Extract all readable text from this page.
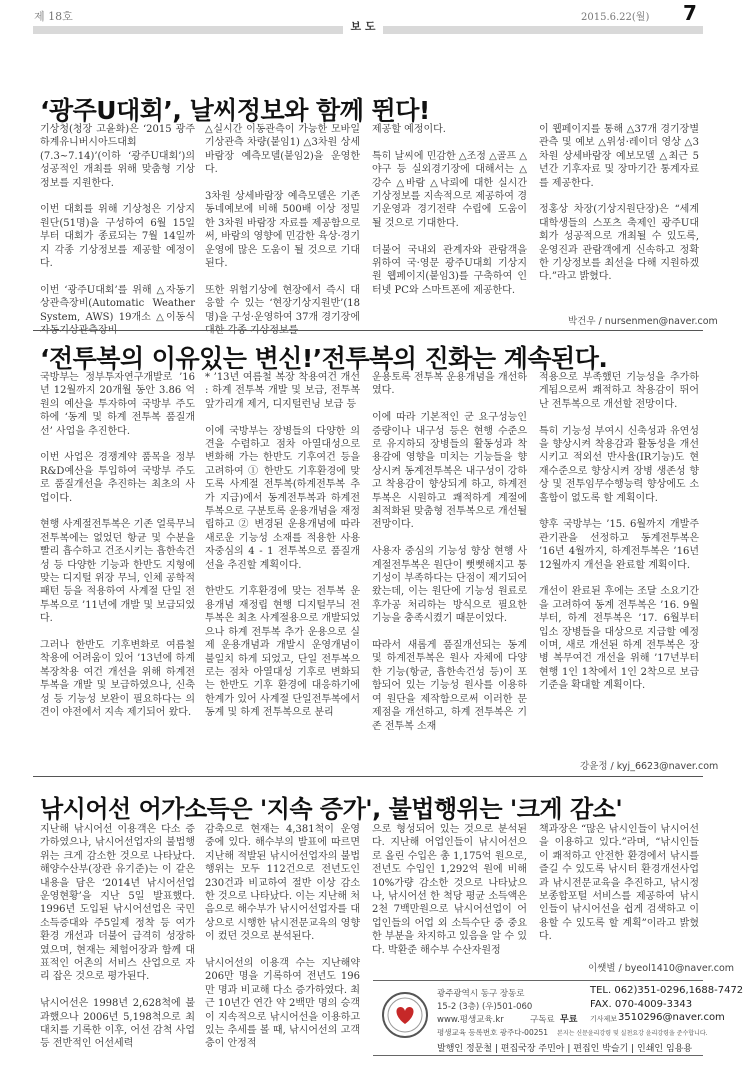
제 18호
보 도
2015.6.22(월) 7
‘광주U대회’, 날씨정보와 함께 뛴다!

기상청(청장 고윤화)은 ‘2015 광주하계유니버시아드대회(7.3~7.14)’(이하 ‘광주U대회’)의 성공적인 개최를 위해 맞춤형 기상정보를 지원한다.

이번 대회를 위해 기상청은 기상지원단(51명)을 구성하여 6월 15일부터 대회가 종료되는 7월 14일까지 각종 기상정보를 제공할 예정이다.

이번 ‘광주U대회’를 위해 △자동기상관측장비(Automatic Weather System, AWS) 19개소 △이동식

△실시간 이동관측이 가능한 모바일 기상관측 차량(붙임1) △3차원 상세바람장 예측모델(붙임2)을 운영한다.

3차원 상세바람장 예측모델은 기존 동네예보에 비해 500배 이상 정밀한 3차원 바람장 자료를 제공함으로써, 바람의 영향에 민감한 육상·경기운영에 많은 도움이 될 것으로 기대된다.

또한 위험기상에 현장에서 즉시 대응할 수 있는 ‘현장기상지원반’(18명)을 구성·운영하여 37개 경기장에

제공할 예정이다.

특히 날씨에 민감한 △조정 △골프 △야구 등 실외경기장에 대해서는 △강수 △바람 △낙뢰에 대한 실시간 기상정보를 지속적으로 제공하여 경기운영과 경기전략 수립에 도움이 될 것으로 기대한다.

더불어 국내외 관계자와 관람객을 위하여 국·영문 광주U대회 기상지원 웹페이지(붙임3)를 구축하여 인터넷 PC와 스마트폰에 제공한다.

이 웹페이지를 통해 △37개 경기장별 관측 및 예보 △위성·레이더 영상 △3차원 상세바람장 예보모델 △최근 5년간 기후자료 및 장마기간 통계자료를 제공한다.

정홍상 차장(기상지원단장)은 “세계 대학생들의 스포츠 축제인 광주U대회가 성공적으로 개최될 수 있도록, 운영진과 관람객에게 신속하고 정확한 기상정보를 최선을 다해 지원하겠다.”라고 밝혔다.

박건우 / nursenmen@naver.com
‘전투복의 이유있는 변신!’전투복의 진화는 계속된다.

국방부는 정부투자연구개발로 ’16년 12월까지 20개월 동안 3.86 억원의 예산을 투자하여 국방부 주도하에 ‘동계 및 하계 전투복 품질개선’ 사업을 추진한다.

이번 사업은 경쟁계약 품목을 정부 R&D예산을 투입하여 국방부 주도로 품질개선을 추진하는 최초의 사업이다.

현행 사계절전투복은 기존 얼룩무늬 전투복에는 없었던 항균 및 수분을 빨리 흡수하고 건조시키는 흡한속건성 등 다양한 기능과 한반도 지형에 맞는 디지털 위장 무늬, 인체 공학적 패턴 등을 적용하여 사계절 단일 전투복으로 ’11년에 개발 및 보급되었다.

그러나 한반도 기후변화로 여름철 착용에 어려움이 있어 ’13년에 하계 복장착용 여건 개선을 위해 하계전투복을 개발 및 보급하였으나, 신축성 등 기능성 보완이 필요하다는 의견이 야전에서 지속 제기되어 왔다.

* ’13년 여름철 복장 착용여건 개선 : 하계 전투복 개발 및 보급, 전투복 앞가리개 제거, 디지털런닝 보급 등

이에 국방부는 장병들의 다양한 의견을 수렴하고 점차 아열대성으로 변화해 가는 한반도 기후여건 등을 고려하여 ① 한반도 기후환경에 맞도록 사계절 전투복(하계전투복 추가 지급)에서 동계전투복과 하계전투복으로 구분토록 운용개념을 재정립하고 ② 변경된 운용개념에 따라 새로운 기능성 소재를 적용한 사용자중심의 4 - 1 전투복으로 품질개선을 추진할 계획이다.

한반도 기후환경에 맞는 전투복 운용개념 재정립 현행 디지털무늬 전투복은 최초 사계절용으로 개발되었으나 하계 전투복 추가 운용으로 실제 운용개념과 개발시 운영개념이 불일치 하게 되었고, 단일 전투복으로는 점차 아열대성 기후로 변화되는 한반도 기후 환경에 대응하기에 한계가 있어 사계절 단일전투복에서 동계 및 하계 전투복으로 분리

운용토록 전투복 운용개념을 개선하였다.

이에 따라 기본적인 군 요구성능인 증량이나 내구성 등은 현행 수준으로 유지하되 장병들의 활동성과 착용감에 영향을 미치는 기능들을 향상시켜 동계전투복은 내구성이 강하고 착용감이 향상되게 하고, 하계전투복은 시원하고 쾌적하게 계절에 최적화된 맞춤형 전투복으로 개선될 전망이다.

사용자 중심의 기능성 향상 현행 사계절전투복은 원단이 뻣뻣해지고 통기성이 부족하다는 단점이 제기되어 왔는데, 이는 원단에 기능성 원료로 후가공 처리하는 방식으로 필요한 기능을 충족시켰기 때문이었다.

따라서 새롭게 품질개선되는 동계 및 하계전투복은 원사 자체에 다양한 기능(항균, 흡한속건성 등)이 포함되어 있는 기능성 원사를 이용하여 원단을 제작함으로써 이러한 문제점을 개선하고, 하계 전투복은 기존 전투복 소재

적용으로 부족했던 기능성을 추가하게됨으로써 쾌적하고 착용감이 뛰어난 전투복으로 개선할 전망이다.

특히 기능성 부여시 신축성과 유연성을 향상시켜 착용감과 활동성을 개선시키고 적외선 반사율(IR기능)도 현재수준으로 향상시켜 장병 생존성 향상 및 전투임무수행능력 향상에도 소홀함이 없도록 할 계획이다.

향후 국방부는 ’15. 6월까지 개발주관기관을 선정하고 동계전투복은 ’16년 4월까지, 하계전투복은 ’16년 12월까지 개선을 완료할 계획이다.

개선이 완료된 후에는 조달 소요기간을 고려하여 동계 전투복은 ’16. 9월부터, 하계 전투복은 ’17. 6월부터 입소 장병들을 대상으로 지급할 예정이며, 새로 개선된 하계 전투복은 장병 복무여건 개선을 위해 ’17년부터 현행 1인 1착에서 1인 2착으로 보급기준을 확대할 계획이다.

강윤정 / kyj_6623@naver.com
낚시어선 어가소득은 '지속 증가', 불법행위는 '크게 감소'

지난해 낚시어선 이용객은 다소 증가하였으나, 낚시어선업자의 불법행위는 크게 감소한 것으로 나타났다. 해양수산부(장관 유기준)는 이 같은 내용을 담은 ‘2014년 낚시어선업 운영현황’을 지난 5일 발표했다. 1996년 도입된 낚시어선업은 국민소득증대와 주5일제 정착 등 여가 환경 개선과 더불어 급격히 성장하였으며, 현재는 체험어장과 함께 대표적인 어촌의 서비스 산업으로 자리 잡은 것으로 평가된다.

낚시어선은 1998년 2,628척에 불과했으나 2006년 5,198척으로 최대치를 기록한 이후, 어선 감척 사업 등 전반적인 어선세력

감축으로 현재는 4,381척이 운영 중에 있다. 해수부의 발표에 따르면 지난해 적발된 낚시어선업자의 불법행위는 모두 112건으로 전년도인 230건과 비교하여 절반 이상 감소한 것으로 나타났다. 이는 지난해 처음으로 해수부가 낚시어선업자를 대상으로 시행한 낚시전문교육의 영향이 컸던 것으로 분석된다.

낚시어선의 이용객 수는 지난해약 206만 명을 기록하여 전년도 196만 명과 비교해 다소 증가하였다. 최근 10년간 연간 약 2백만 명의 승객이 지속적으로 낚시어선을 이용하고 있는 추세를 볼 때, 낚시어선의 고객층이 안정적

으로 형성되어 있는 것으로 분석된다. 지난해 어업인들이 낚시어선으로 올린 수입은 총 1,175억 원으로, 전년도 수입인 1,292억 원에 비해 10%가량 감소한 것으로 나타났으나, 낚시어선 한 척당 평균 소득액은 2천 7백만원으로 낚시어선업이 어업인들의 어업 외 소득수단 중 중요한 부분을 차지하고 있음을 알 수 있다. 박환준 해수부 수산자원정

책과장은 “많은 낚시인들이 낚시어선을 이용하고 있다.”라며, “낚시인들이 쾌적하고 안전한 환경에서 낚시를 즐길 수 있도록 낚시터 환경개선사업과 낚시전문교육을 추진하고, 낚시정보종합포털 서비스를 제공하여 낚시인들이 낚시어선을 쉽게 검색하고 이용할 수 있도록 할 계획”이라고 밝혔다.

이쌧별 / byeol1410@naver.com
광주광역시 동구 장동로
15-2 (3층) (우)501-060
www.평생교육.kr	구독료 무료
TEL. 062)351-0296,1688-7472
FAX. 070-4009-3343
기사제보 3510296@naver.com
평생교육 등록번호 광주다-00251 본지는 신문윤리강령 및 실천요강 윤리강령을 준수합니다.
발행인 정문철 | 편집국장 주민아 | 편집인 박슬기 | 인쇄인 임용용
